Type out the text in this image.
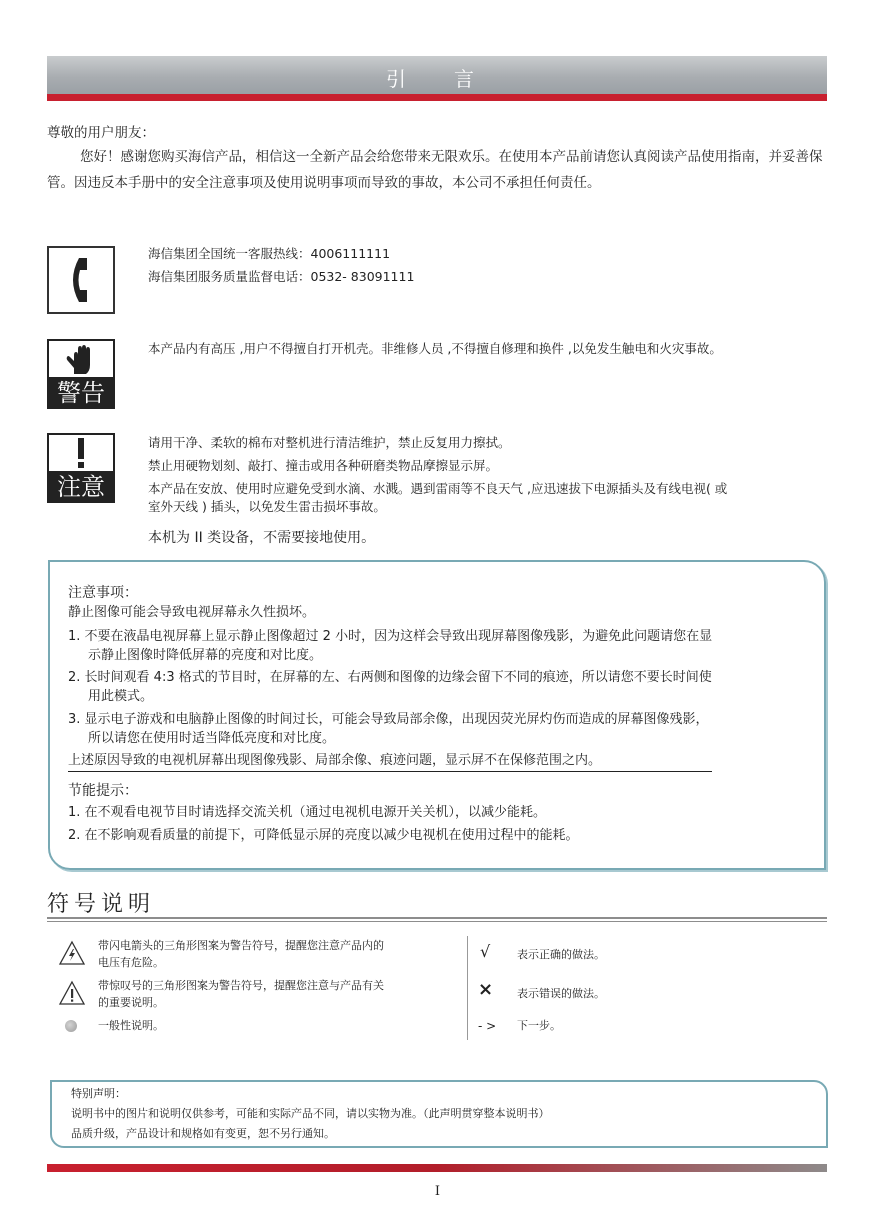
引　言
尊敬的用户朋友：
您好！感谢您购买海信产品，相信这一全新产品会给您带来无限欢乐。在使用本产品前请您认真阅读产品使用指南，并妥善保管。因违反本手册中的安全注意事项及使用说明事项而导致的事故，本公司不承担任何责任。
海信集团全国统一客服热线：4006111111
海信集团服务质量监督电话：0532- 83091111
警告
本产品内有高压 ,用户不得擅自打开机壳。非维修人员 ,不得擅自修理和换件 ,以免发生触电和火灾事故。
注意
请用干净、柔软的棉布对整机进行清洁维护，禁止反复用力擦拭。
禁止用硬物划刻、敲打、撞击或用各种研磨类物品摩擦显示屏。
本产品在安放、使用时应避免受到水滴、水溅。遇到雷雨等不良天气 ,应迅速拔下电源插头及有线电视( 或
室外天线 ) 插头，以免发生雷击损坏事故。
本机为 II 类设备，不需要接地使用。
注意事项：
静止图像可能会导致电视屏幕永久性损坏。
1. 不要在液晶电视屏幕上显示静止图像超过 2 小时，因为这样会导致出现屏幕图像残影，为避免此问题请您在显
示静止图像时降低屏幕的亮度和对比度。
2. 长时间观看 4:3 格式的节目时，在屏幕的左、右两侧和图像的边缘会留下不同的痕迹，所以请您不要长时间使
用此模式。
3. 显示电子游戏和电脑静止图像的时间过长，可能会导致局部余像，出现因荧光屏灼伤而造成的屏幕图像残影，
所以请您在使用时适当降低亮度和对比度。
上述原因导致的电视机屏幕出现图像残影、局部余像、痕迹问题，显示屏不在保修范围之内。
节能提示：
1. 在不观看电视节目时请选择交流关机（通过电视机电源开关关机），以减少能耗。
2. 在不影响观看质量的前提下，可降低显示屏的亮度以减少电视机在使用过程中的能耗。
符号说明
带闪电箭头的三角形图案为警告符号，提醒您注意产品内的
电压有危险。
带惊叹号的三角形图案为警告符号，提醒您注意与产品有关
的重要说明。
一般性说明。
√ 表示正确的做法。
× 表示错误的做法。
- > 下一步。
特别声明：
说明书中的图片和说明仅供参考，可能和实际产品不同，请以实物为准。（此声明贯穿整本说明书）
品质升级，产品设计和规格如有变更，恕不另行通知。
I
